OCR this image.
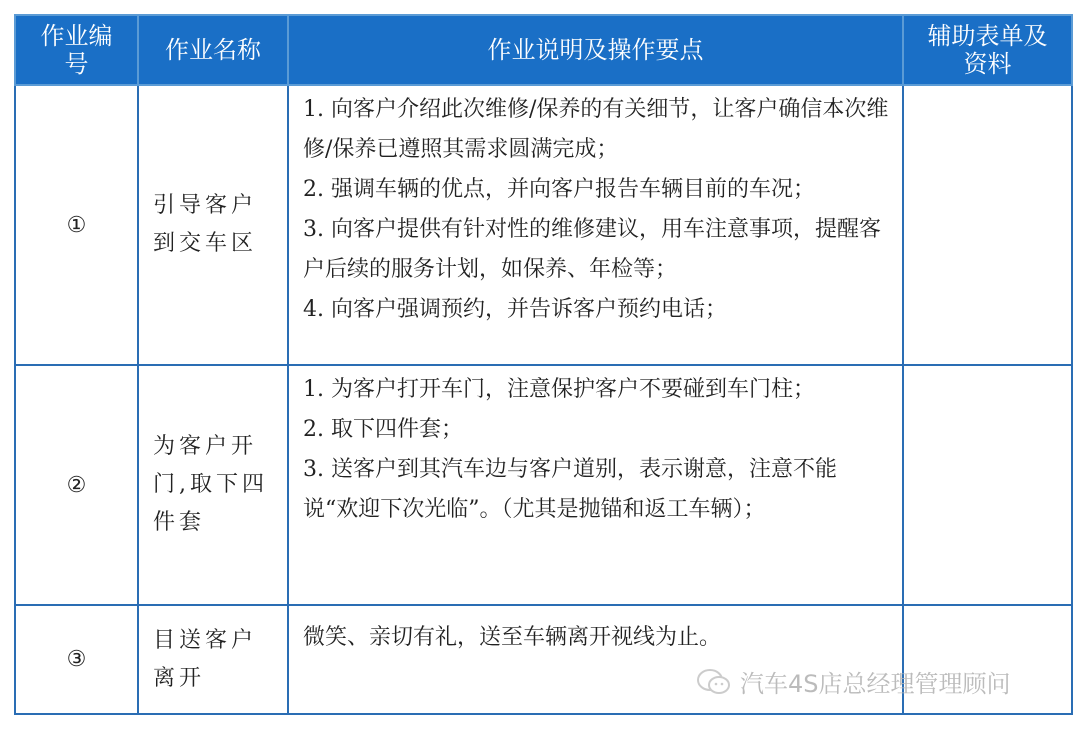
作业编号	作业名称	作业说明及操作要点	辅助表单及资料
①	引导客户到交车区	1. 向客户介绍此次维修/保养的有关细节，让客户确信本次维修/保养已遵照其需求圆满完成；
2. 强调车辆的优点，并向客户报告车辆目前的车况；
3. 向客户提供有针对性的维修建议，用车注意事项，提醒客户后续的服务计划，如保养、年检等；
4. 向客户强调预约，并告诉客户预约电话；	

②	为客户开门,取下四件套	1. 为客户打开车门，注意保护客户不要碰到车门柱；
2. 取下四件套；
3. 送客户到其汽车边与客户道别，表示谢意，注意不能说“欢迎下次光临”。（尤其是抛锚和返工车辆）；	

③	目送客户离开	微笑、亲切有礼，送至车辆离开视线为止。	

汽车4S店总经理管理顾问
